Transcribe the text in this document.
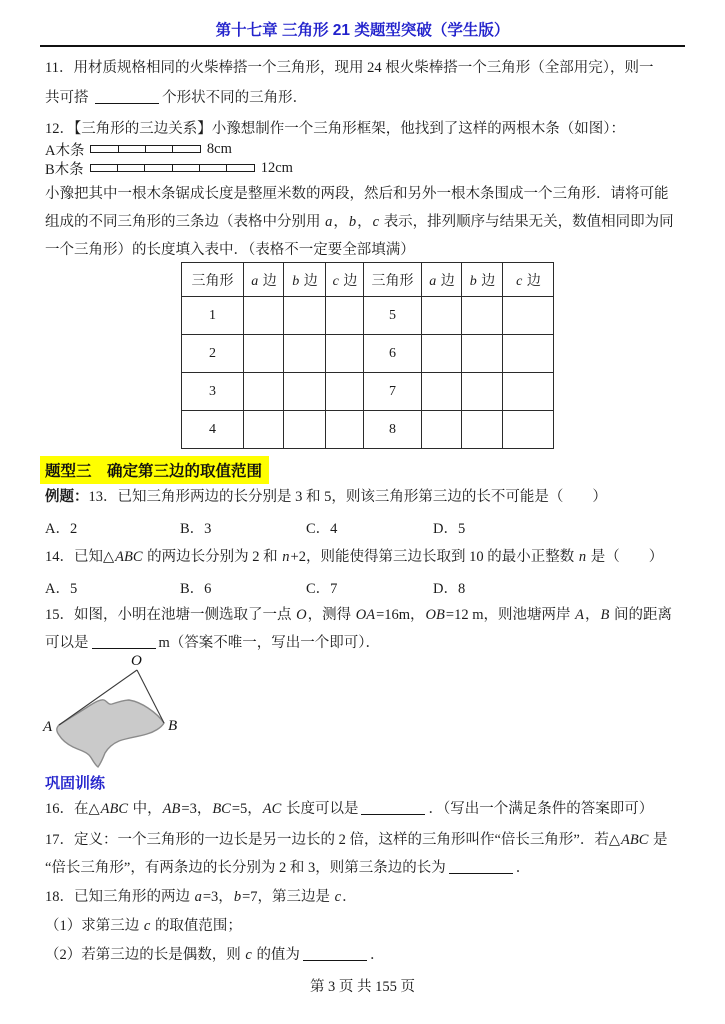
第十七章 三角形 21 类题型突破（学生版）
11．用材质规格相同的火柴棒搭一个三角形，现用 24 根火柴棒搭一个三角形（全部用完），则一
共可搭	个形状不同的三角形．
12．【三角形的三边关系】小豫想制作一个三角形框架，他找到了这样的两根木条（如图）：
A木条	8cm
B木条	12cm
小豫把其中一根木条锯成长度是整厘米数的两段，然后和另外一根木条围成一个三角形．请将可能
组成的不同三角形的三条边（表格中分别用 a，b，c 表示，排列顺序与结果无关，数值相同即为同
一个三角形）的长度填入表中．（表格不一定要全部填满）
三角形	a 边	b 边	c 边	三角形	a 边	b 边	c 边
1				5			
2				6			
3				7			
4				8			
题型三　确定第三边的取值范围
例题：13．已知三角形两边的长分别是 3 和 5，则该三角形第三边的长不可能是（　　）
A．2	B．3	C．4	D．5
14．已知△ABC 的两边长分别为 2 和 n+2，则能使得第三边长取到 10 的最小正整数 n 是（　　）
A．5	B．6	C．7	D．8
15．如图，小明在池塘一侧选取了一点 O，测得 OA=16m，OB=12 m，则池塘两岸 A，B 间的距离
可以是	m（答案不唯一，写出一个即可）．
O
A	B
巩固训练
16．在△ABC 中，AB=3，BC=5，AC 长度可以是	．（写出一个满足条件的答案即可）
17．定义：一个三角形的一边长是另一边长的 2 倍，这样的三角形叫作“倍长三角形”．若△ABC 是
“倍长三角形”，有两条边的长分别为 2 和 3，则第三条边的长为	．
18．已知三角形的两边 a=3，b=7，第三边是 c．
（1）求第三边 c 的取值范围；
（2）若第三边的长是偶数，则 c 的值为	．
第 3 页 共 155 页
